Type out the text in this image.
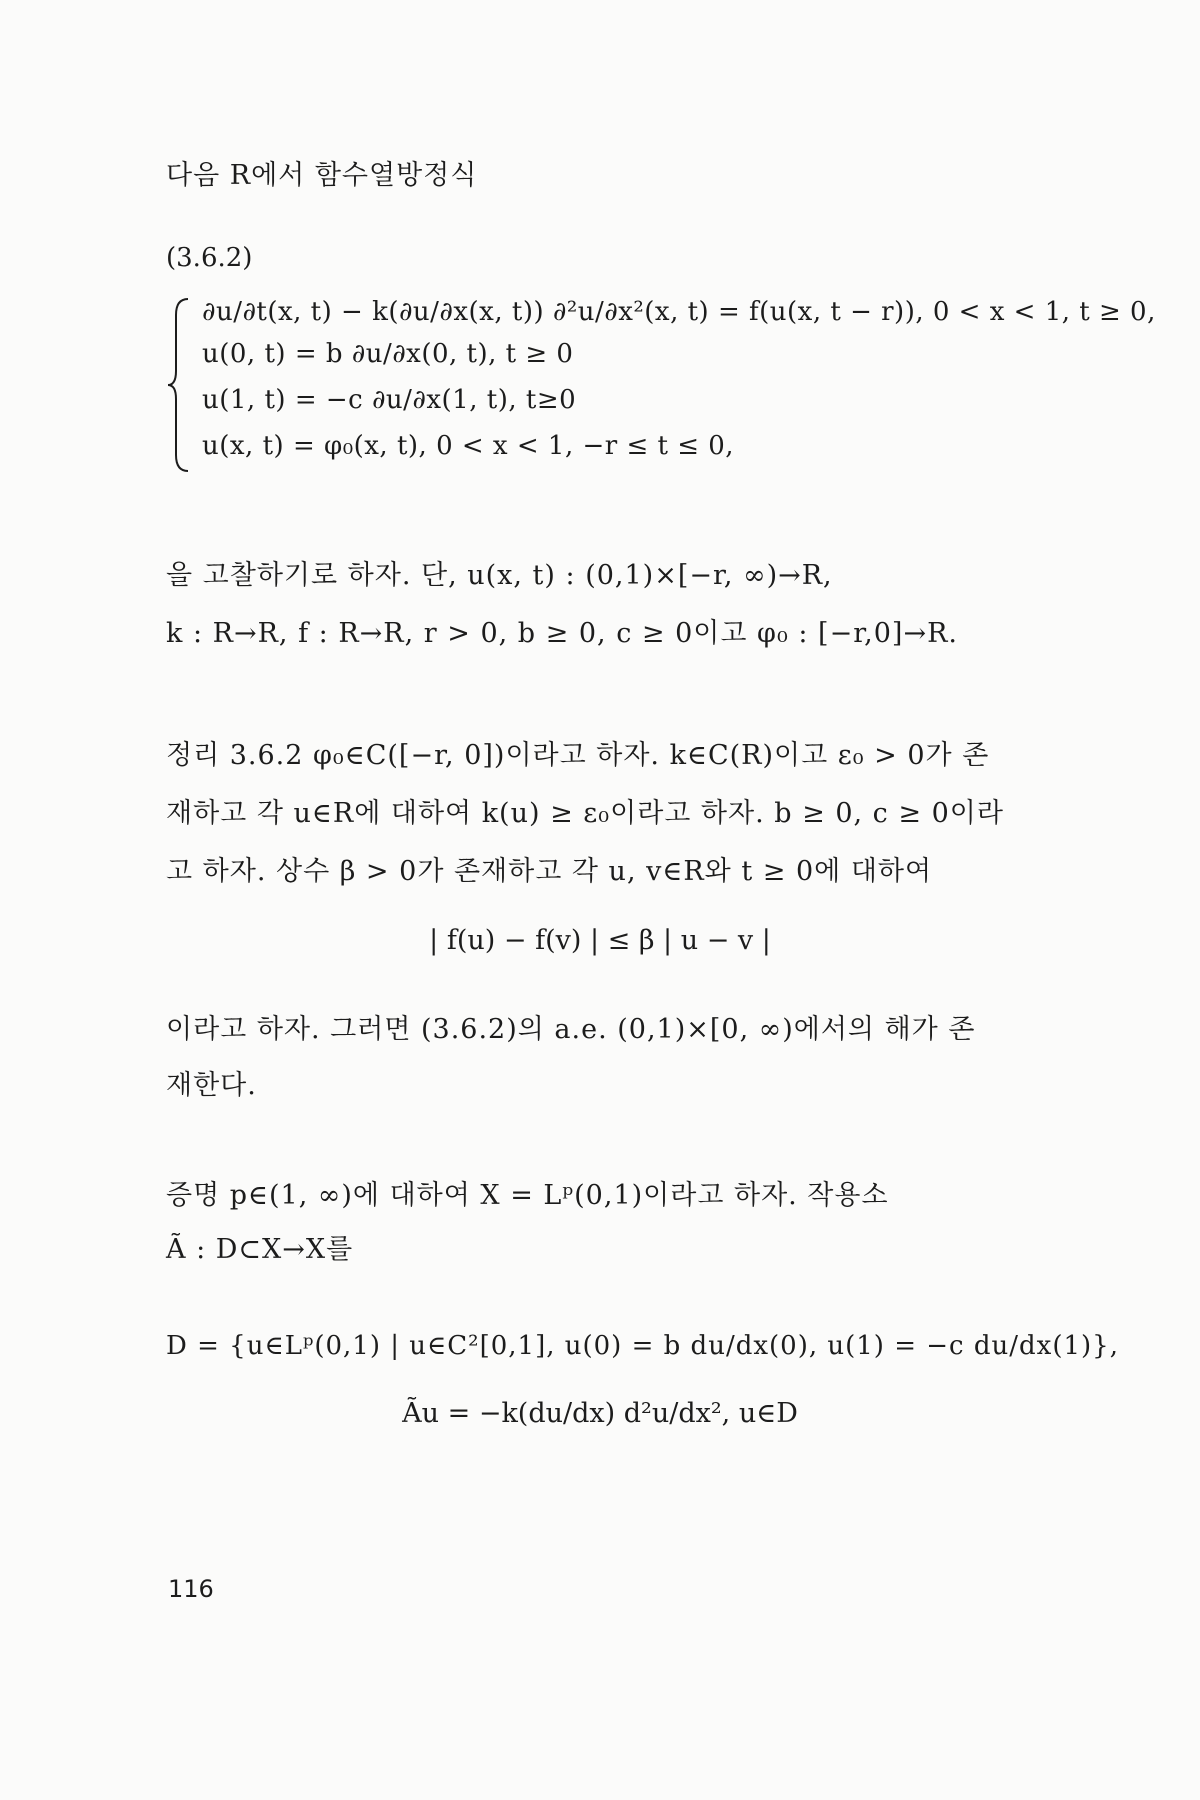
다음 R에서 함수열방정식
(3.6.2)
∂u/∂t(x, t) − k(∂u/∂x(x, t)) ∂²u/∂x²(x, t) = f(u(x, t − r)), 0 < x < 1, t ≥ 0,
u(0, t) = b ∂u/∂x(0, t), t ≥ 0
u(1, t) = −c ∂u/∂x(1, t), t≥0
u(x, t) = φ₀(x, t), 0 < x < 1, −r ≤ t ≤ 0,
을 고찰하기로 하자. 단, u(x, t) : (0,1)×[−r, ∞)→R,
k : R→R, f : R→R, r > 0, b ≥ 0, c ≥ 0이고 φ₀ : [−r,0]→R.
정리 3.6.2 φ₀∈C([−r, 0])이라고 하자. k∈C(R)이고 ε₀ > 0가 존
재하고 각 u∈R에 대하여 k(u) ≥ ε₀이라고 하자. b ≥ 0, c ≥ 0이라
고 하자. 상수 β > 0가 존재하고 각 u, v∈R와 t ≥ 0에 대하여
| f(u) − f(v) | ≤ β | u − v |
이라고 하자. 그러면 (3.6.2)의 a.e. (0,1)×[0, ∞)에서의 해가 존
재한다.
증명 p∈(1, ∞)에 대하여 X = Lᵖ(0,1)이라고 하자. 작용소
Ã : D⊂X→X를
D = {u∈Lᵖ(0,1) | u∈C²[0,1], u(0) = b du/dx(0), u(1) = −c du/dx(1)},
Ãu = −k(du/dx) d²u/dx², u∈D
116
